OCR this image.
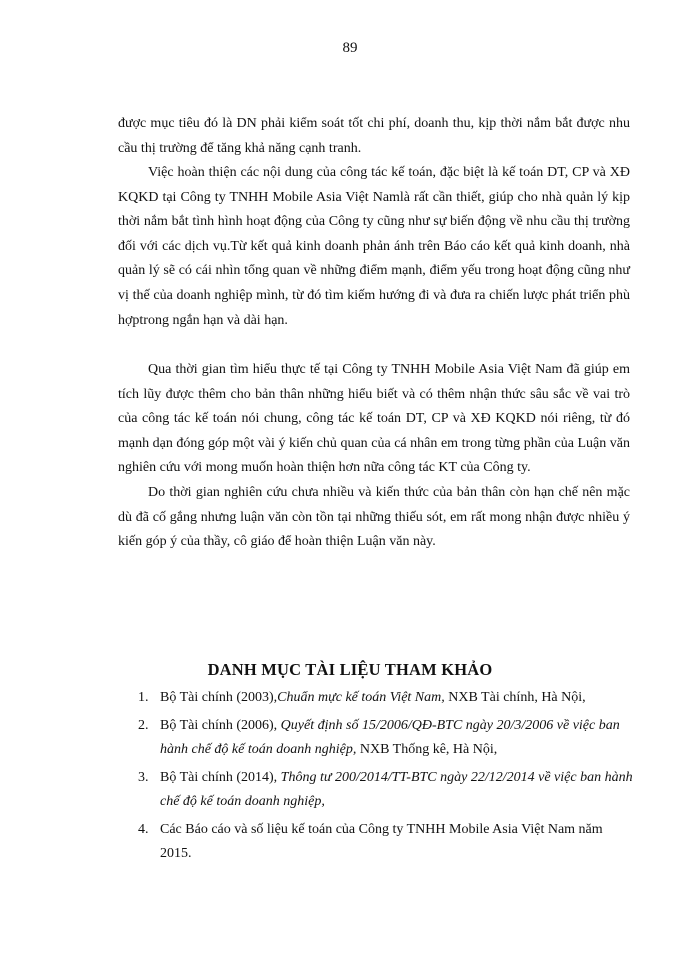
89

được mục tiêu đó là DN phải kiểm soát tốt chi phí, doanh thu, kịp thời nắm bắt được nhu cầu thị trường để tăng khả năng cạnh tranh.

Việc hoàn thiện các nội dung của công tác kế toán, đặc biệt là kế toán DT, CP và XĐ KQKD tại Công ty TNHH Mobile Asia Việt Namlà rất cần thiết, giúp cho nhà quản lý kịp thời nắm bắt tình hình hoạt động của Công ty cũng như sự biến động về nhu cầu thị trường đối với các dịch vụ.Từ kết quả kinh doanh phản ánh trên Báo cáo kết quả kinh doanh, nhà quản lý sẽ có cái nhìn tổng quan về những điểm mạnh, điểm yếu trong hoạt động cũng như vị thế của doanh nghiệp mình, từ đó tìm kiếm hướng đi và đưa ra chiến lược phát triển phù hợptrong ngắn hạn và dài hạn.

Qua thời gian tìm hiểu thực tế tại Công ty TNHH Mobile Asia Việt Nam đã giúp em tích lũy được thêm cho bản thân những hiểu biết và có thêm nhận thức sâu sắc về vai trò của công tác kế toán nói chung, công tác kế toán DT, CP và XĐ KQKD nói riêng, từ đó mạnh dạn đóng góp một vài ý kiến chủ quan của cá nhân em trong từng phần của Luận văn nghiên cứu với mong muốn hoàn thiện hơn nữa công tác KT của Công ty.

Do thời gian nghiên cứu chưa nhiều và kiến thức của bản thân còn hạn chế nên mặc dù đã cố gắng nhưng luận văn còn tồn tại những thiếu sót, em rất mong nhận được nhiều ý kiến góp ý của thầy, cô giáo để hoàn thiện Luận văn này.

DANH MỤC TÀI LIỆU THAM KHẢO
1. Bộ Tài chính (2003),Chuẩn mực kế toán Việt Nam, NXB Tài chính, Hà Nội,
2. Bộ Tài chính (2006), Quyết định số 15/2006/QĐ-BTC ngày 20/3/2006 về việc ban hành chế độ kế toán doanh nghiệp, NXB Thống kê, Hà Nội,
3. Bộ Tài chính (2014), Thông tư 200/2014/TT-BTC ngày 22/12/2014 về việc ban hành chế độ kế toán doanh nghiệp,
4. Các Báo cáo và số liệu kế toán của Công ty TNHH Mobile Asia Việt Nam năm 2015.
